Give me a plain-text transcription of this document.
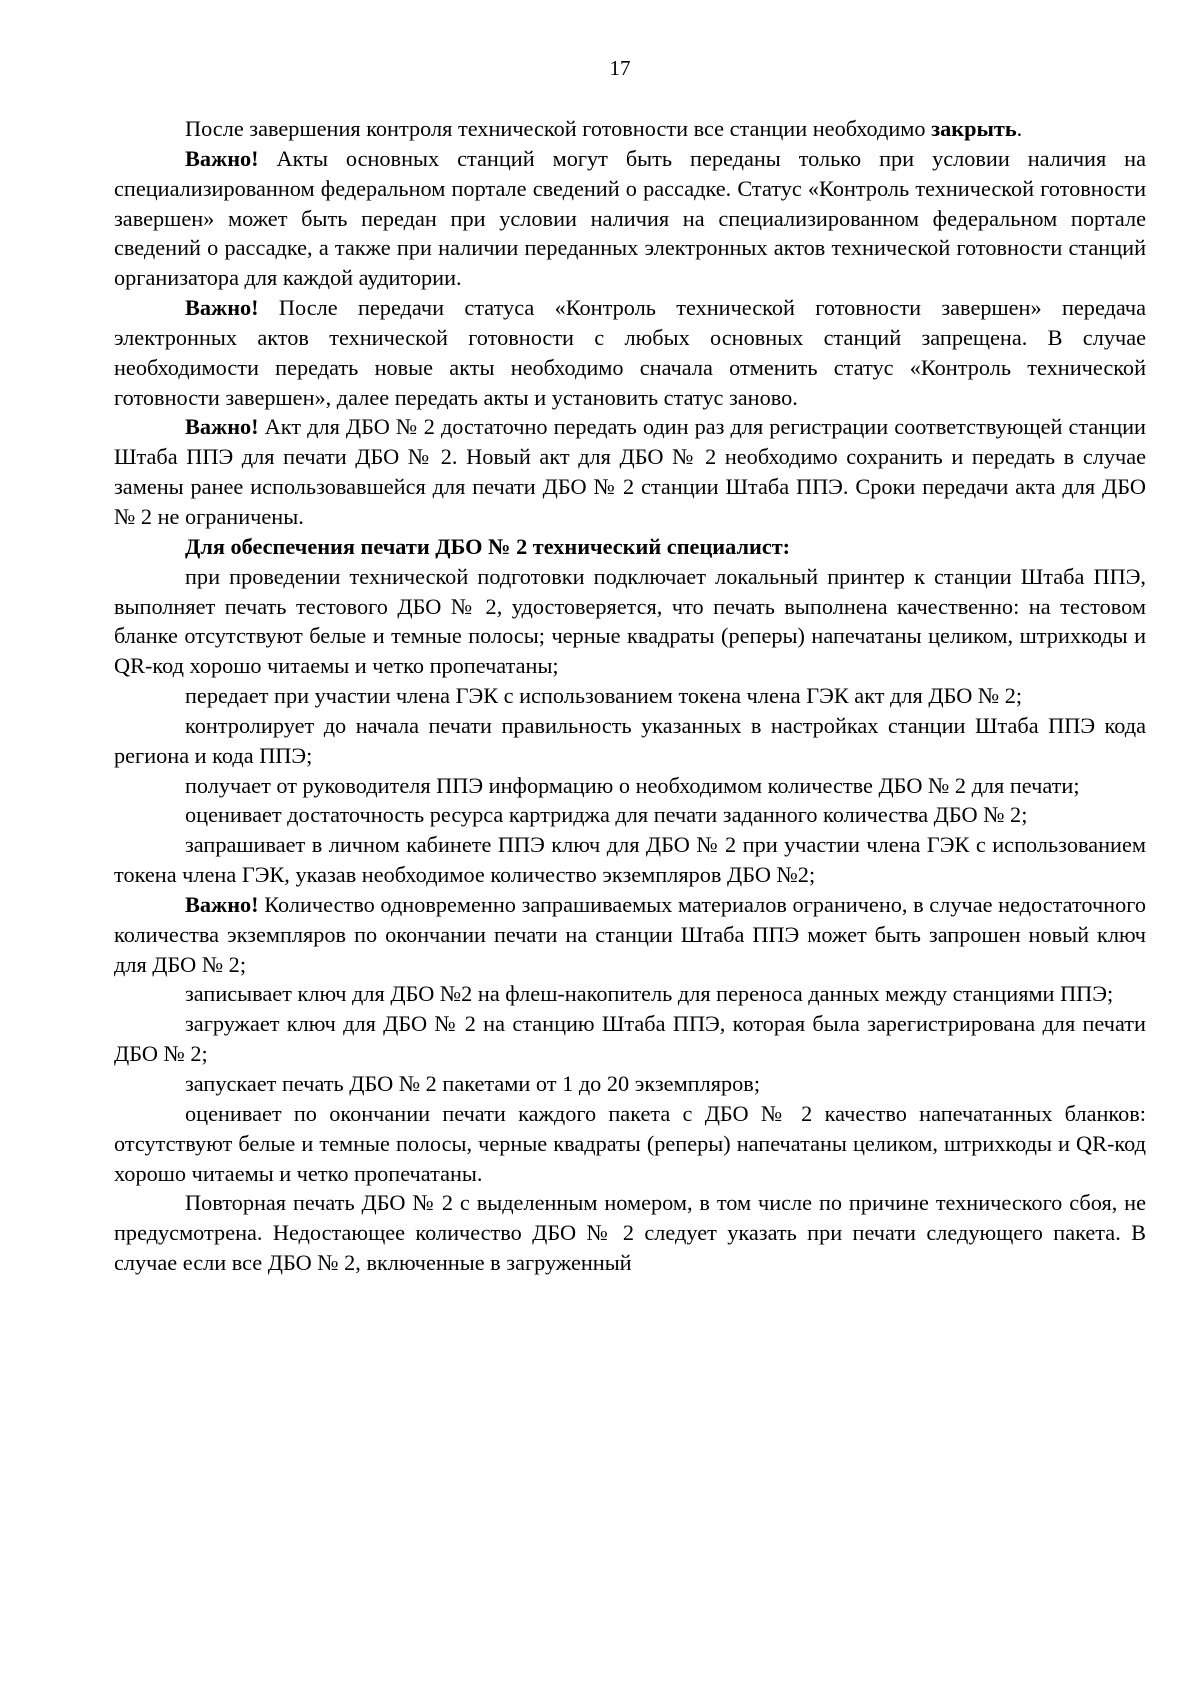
17

После завершения контроля технической готовности все станции необходимо закрыть.

Важно! Акты основных станций могут быть переданы только при условии наличия на специализированном федеральном портале сведений о рассадке. Статус «Контроль технической готовности завершен» может быть передан при условии наличия на специализированном федеральном портале сведений о рассадке, а также при наличии переданных электронных актов технической готовности станций организатора для каждой аудитории.

Важно! После передачи статуса «Контроль технической готовности завершен» передача электронных актов технической готовности с любых основных станций запрещена. В случае необходимости передать новые акты необходимо сначала отменить статус «Контроль технической готовности завершен», далее передать акты и установить статус заново.

Важно! Акт для ДБО № 2 достаточно передать один раз для регистрации соответствующей станции Штаба ППЭ для печати ДБО № 2. Новый акт для ДБО № 2 необходимо сохранить и передать в случае замены ранее использовавшейся для печати ДБО № 2 станции Штаба ППЭ. Сроки передачи акта для ДБО № 2 не ограничены.

Для обеспечения печати ДБО № 2 технический специалист:

при проведении технической подготовки подключает локальный принтер к станции Штаба ППЭ, выполняет печать тестового ДБО № 2, удостоверяется, что печать выполнена качественно: на тестовом бланке отсутствуют белые и темные полосы; черные квадраты (реперы) напечатаны целиком, штрихкоды и QR-код хорошо читаемы и четко пропечатаны;

передает при участии члена ГЭК с использованием токена члена ГЭК акт для ДБО № 2;

контролирует до начала печати правильность указанных в настройках станции Штаба ППЭ кода региона и кода ППЭ;

получает от руководителя ППЭ информацию о необходимом количестве ДБО № 2 для печати;

оценивает достаточность ресурса картриджа для печати заданного количества ДБО № 2;

запрашивает в личном кабинете ППЭ ключ для ДБО № 2 при участии члена ГЭК с использованием токена члена ГЭК, указав необходимое количество экземпляров ДБО №2;

Важно! Количество одновременно запрашиваемых материалов ограничено, в случае недостаточного количества экземпляров по окончании печати на станции Штаба ППЭ может быть запрошен новый ключ для ДБО № 2;

записывает ключ для ДБО №2 на флеш-накопитель для переноса данных между станциями ППЭ;

загружает ключ для ДБО № 2 на станцию Штаба ППЭ, которая была зарегистрирована для печати ДБО № 2;

запускает печать ДБО № 2 пакетами от 1 до 20 экземпляров;

оценивает по окончании печати каждого пакета с ДБО № 2 качество напечатанных бланков: отсутствуют белые и темные полосы, черные квадраты (реперы) напечатаны целиком, штрихкоды и QR-код хорошо читаемы и четко пропечатаны.

Повторная печать ДБО № 2 с выделенным номером, в том числе по причине технического сбоя, не предусмотрена. Недостающее количество ДБО № 2 следует указать при печати следующего пакета. В случае если все ДБО № 2, включенные в загруженный
